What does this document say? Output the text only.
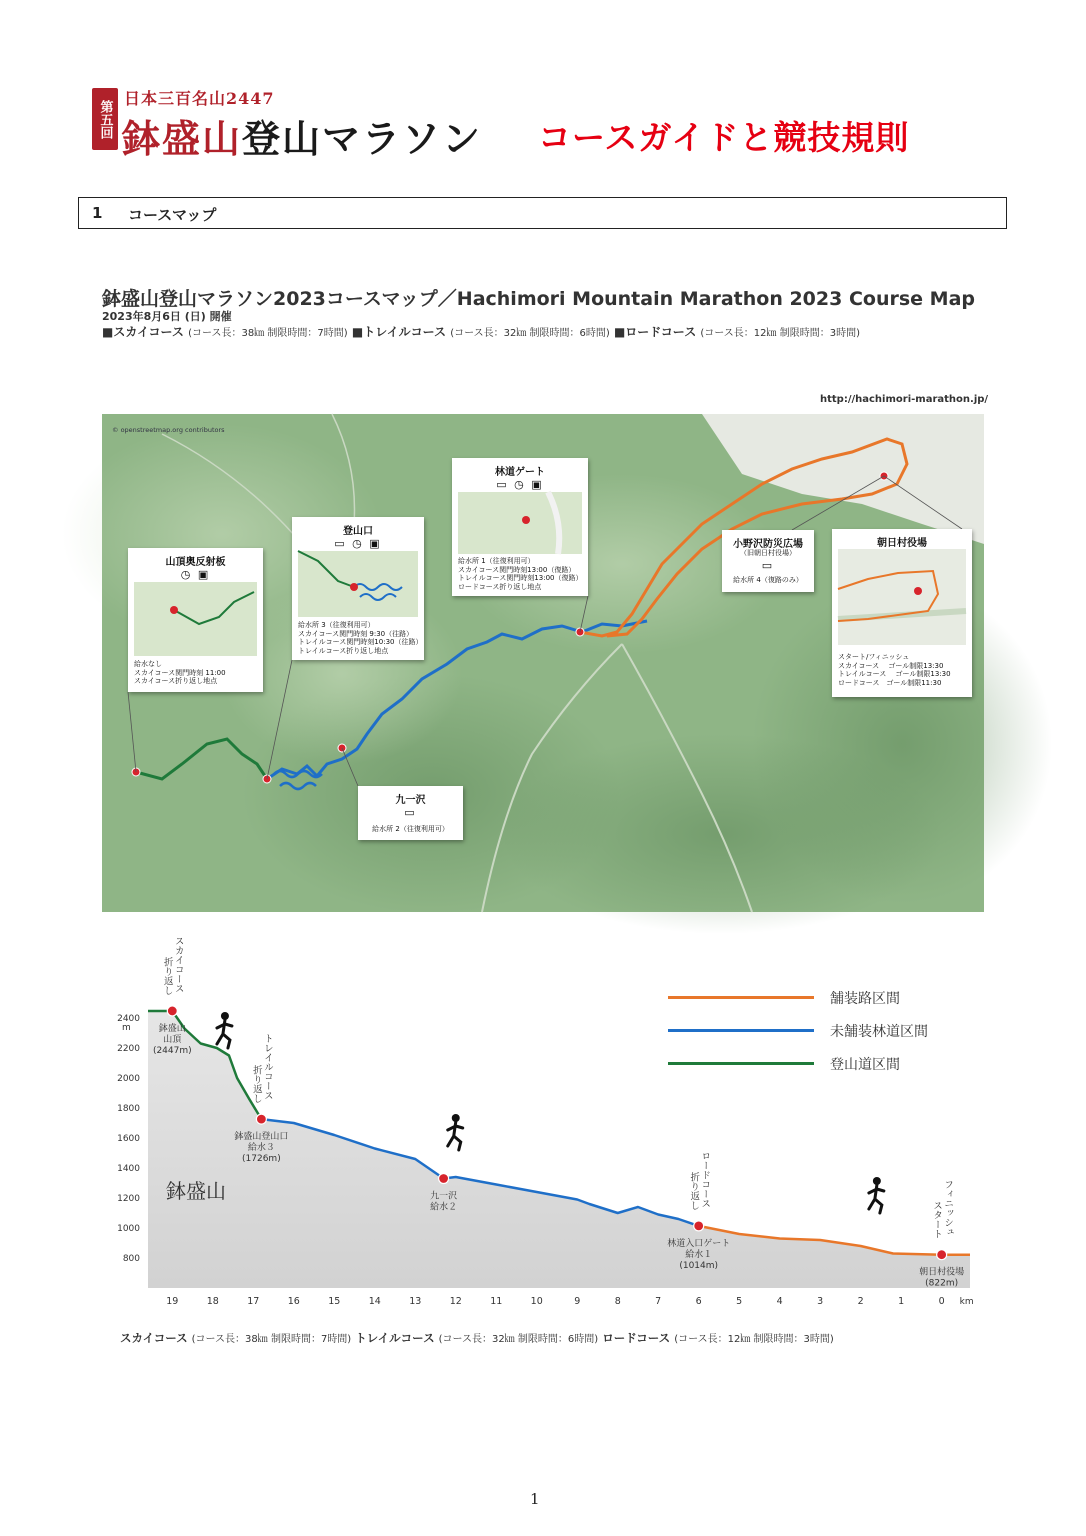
第五回
日本三百名山2447
鉢盛山登山マラソン コースガイドと競技規則
1 コースマップ
鉢盛山登山マラソン2023コースマップ／Hachimori Mountain Marathon 2023 Course Map
2023年8月6日 (日) 開催
■スカイコース (コース長：38㎞ 制限時間：7時間) ■トレイルコース (コース長：32㎞ 制限時間：6時間) ■ロードコース (コース長：12㎞ 制限時間：3時間)
http://hachimori-marathon.jp/
© openstreetmap.org contributors
山頂奥反射板
◷ ▣
給水なし
スカイコース関門時刻 11:00
スカイコース折り返し地点
登山口
▭ ◷ ▣
給水所 3（往復利用可）
スカイコース関門時刻 9:30（往路）
トレイルコース関門時刻10:30（往路）
トレイルコース折り返し地点
林道ゲート
▭ ◷ ▣
給水所 1（往復利用可）
スカイコース関門時刻13:00（復路）
トレイルコース関門時刻13:00（復路）
ロードコース折り返し地点
小野沢防災広場
（旧朝日村役場）
▭
給水所 4（復路のみ）
朝日村役場
スタート/フィニッシュ
スカイコース　 ゴール制限13:30
トレイルコース　 ゴール制限13:30
ロードコース　ゴール制限11:30
九一沢
▭
給水所 2（往復利用可）
鉢盛山
m
800
1000
1200
1400
1600
1800
2000
2200
2400
19	18	17	16	15	14	13	12	11	10	9	8	7	6	5	4	3	2	1	0 km
鉢盛山山頂(2447m)
スカイコース
折り返し
鉢盛山登山口給水３(1726m)
トレイルコース
折り返し
九一沢給水２
林道入口ゲート給水１(1014m)
ロードコース
折り返し
朝日村役場(822m)
フィニッシュ
スタート
舗装路区間
未舗装林道区間
登山道区間
スカイコース (コース長：38㎞ 制限時間：7時間) トレイルコース (コース長：32㎞ 制限時間：6時間) ロードコース (コース長：12㎞ 制限時間：3時間)
1
